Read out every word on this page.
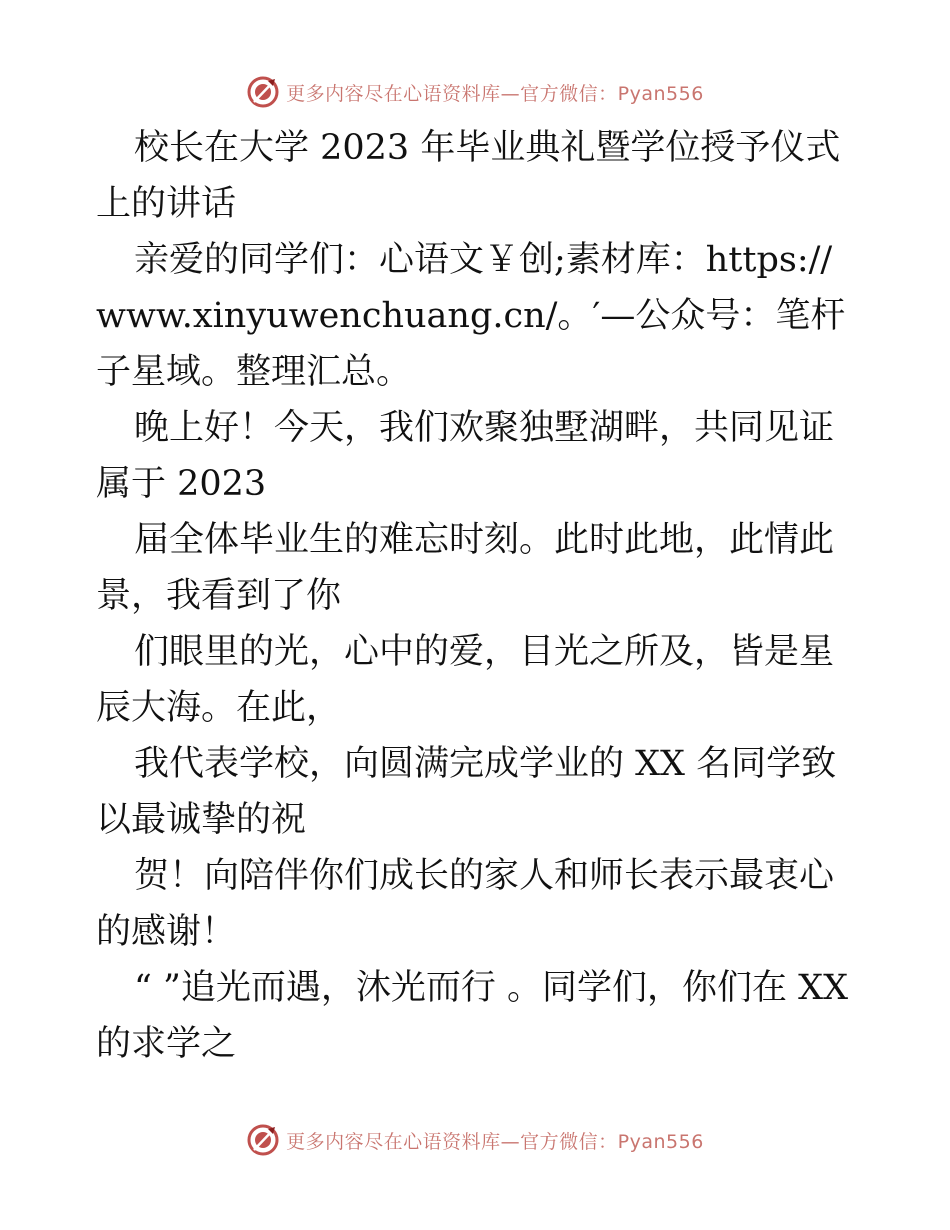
更多内容尽在心语资料库—官方微信：Pyan556

校长在大学 2023 年毕业典礼暨学位授予仪式上的讲话

亲爱的同学们：心语文￥创;素材库：https://www.xinyuwenchuang.cn/。′—公众号：笔杆子星域。整理汇总。

晚上好！今天，我们欢聚独墅湖畔，共同见证属于 2023

届全体毕业生的难忘时刻。此时此地，此情此景，我看到了你

们眼里的光，心中的爱，目光之所及，皆是星辰大海。在此，

我代表学校，向圆满完成学业的 XX 名同学致以最诚挚的祝

贺！向陪伴你们成长的家人和师长表示最衷心的感谢！

“ ”追光而遇，沐光而行 。同学们，你们在 XX 的求学之

更多内容尽在心语资料库—官方微信：Pyan556
